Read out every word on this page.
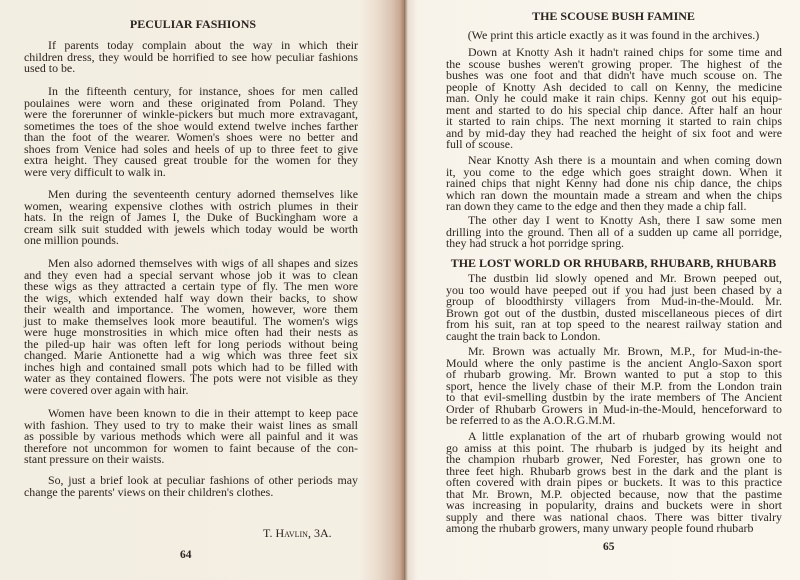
PECULIAR FASHIONS
If parents today complain about the way in which their
children dress, they would be horrified to see how peculiar fashions
used to be.
In the fifteenth century, for instance, shoes for men called
poulaines were worn and these originated from Poland. They
were the forerunner of winkle-pickers but much more extravagant,
sometimes the toes of the shoe would extend twelve inches farther
than the foot of the wearer. Women's shoes were no better and
shoes from Venice had soles and heels of up to three feet to give
extra height. They caused great trouble for the women for they
were very difficult to walk in.
Men during the seventeenth century adorned themselves like
women, wearing expensive clothes with ostrich plumes in their
hats. In the reign of James I, the Duke of Buckingham wore a
cream silk suit studded with jewels which today would be worth
one million pounds.
Men also adorned themselves with wigs of all shapes and sizes
and they even had a special servant whose job it was to clean
these wigs as they attracted a certain type of fly. The men wore
the wigs, which extended half way down their backs, to show
their wealth and importance. The women, however, wore them
just to make themselves look more beautiful. The women's wigs
were huge monstrosities in which mice often had their nests as
the piled-up hair was often left for long periods without being
changed. Marie Antionette had a wig which was three feet six
inches high and contained small pots which had to be filled with
water as they contained flowers. The pots were not visible as they
were covered over again with hair.
Women have been known to die in their attempt to keep pace
with fashion. They used to try to make their waist lines as small
as possible by various methods which were all painful and it was
therefore not uncommon for women to faint because of the con-
stant pressure on their waists.
So, just a brief look at peculiar fashions of other periods may
change the parents' views on their children's clothes.
T. Havlin, 3A.
64
THE SCOUSE BUSH FAMINE
(We print this article exactly as it was found in the archives.)
THE LOST WORLD OR RHUBARB, RHUBARB, RHUBARB
Down at Knotty Ash it hadn't rained chips for some time and
the scouse bushes weren't growing proper. The highest of the
bushes was one foot and that didn't have much scouse on. The
people of Knotty Ash decided to call on Kenny, the medicine
man. Only he could make it rain chips. Kenny got out his equip-
ment and started to do his special chip dance. After half an hour
it started to rain chips. The next morning it started to rain chips
and by mid-day they had reached the height of six foot and were
full of scouse.
Near Knotty Ash there is a mountain and when coming down
it, you come to the edge which goes straight down. When it
rained chips that night Kenny had done nis chip dance, the chips
which ran down the mountain made a stream and when the chips
ran down they came to the edge and then they made a chip fall.
The other day I went to Knotty Ash, there I saw some men
drilling into the ground. Then all of a sudden up came all porridge,
they had struck a hot porridge spring.
The dustbin lid slowly opened and Mr. Brown peeped out,
you too would have peeped out if you had just been chased by a
group of bloodthirsty villagers from Mud-in-the-Mould. Mr.
Brown got out of the dustbin, dusted miscellaneous pieces of dirt
from his suit, ran at top speed to the nearest railway station and
caught the train back to London.
Mr. Brown was actually Mr. Brown, M.P., for Mud-in-the-
Mould where the only pastime is the ancient Anglo-Saxon sport
of rhubarb growing. Mr. Brown wanted to put a stop to this
sport, hence the lively chase of their M.P. from the London train
to that evil-smelling dustbin by the irate members of The Ancient
Order of Rhubarb Growers in Mud-in-the-Mould, henceforward to
be referred to as the A.O.R.G.M.M.
A little explanation of the art of rhubarb growing would not
go amiss at this point. The rhubarb is judged by its height and
the champion rhubarb grower, Ned Forester, has grown one to
three feet high. Rhubarb grows best in the dark and the plant is
often covered with drain pipes or buckets. It was to this practice
that Mr. Brown, M.P. objected because, now that the pastime
was increasing in popularity, drains and buckets were in short
supply and there was national chaos. There was bitter tivalry
among the rhubarb growers, many unwary people found rhubarb
65
